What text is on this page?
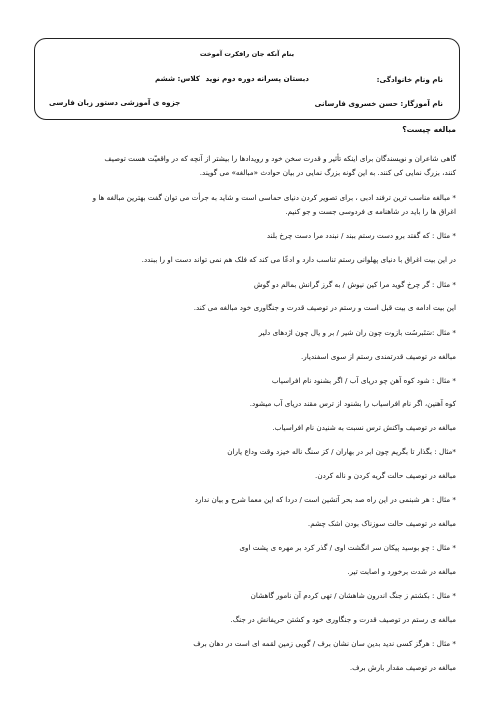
بنام آنکه جان رافکرت آموخت
نام ونام خانوادگی:
دبستان پسرانه دوره دوم نوید
کلاس: ششم
نام آموزگار: حسن خسروی فارسانی
جزوه ی آموزشی دستور زبان فارسی
مبالغه چیست؟
گاهی شاعران و نویسندگان برای اینکه تأثیر و قدرت سخن خود و رویدادها را بیشتر از آنچه که در واقعیّت هست توصیف
کنند، بزرگ نمایی کی کنند. به این گونه بزرگ نمایی در بیان حوادث «مبالغه» می گویند.
* مبالغه مناسب ترین ترفند ادبی ، برای تصویر کردن دنیای حماسی است و شاید به جرأت می توان گفت بهترین مبالغه ها و
اغراق ها را باید در شاهنامه ی فردوسی جست و جو کنیم.
* مثال : که گفتد برو دست رستم ببند / نبندد مرا دست چرخ بلند
در این بیت اغراق با دنیای پهلوانی رستم تناسب دارد و ادعّا می کند که فلک هم نمی تواند دست او را ببندد.
* مثال : گر چرخ گوید مرا کین نیوش / به گرز گرانش بمالم دو گوش
این بیت ادامه ی بیت قبل است و رستم در توصیف قدرت و جنگاوری خود مبالغه می کند.
* مثال :سَتَبرسُت بازوت چون ران شیر / بر و یال چون اژدهای دلیر
مبالغه در توصیف قدرتمندی رستم از سوی اسفندیار.
* مثال : شود کوه آهن چو دریای آب / اگر بشنود نام افراسیاب
کوه آهنین، اگر نام افراسیاب را بشنود از ترس مقند دریای آب میشود.
مبالغه در توصیف واکنش ترس نسبت به شنیدن نام افراسیاب.
*مثال : بگذار تا بگریم چون ابر در بهاران / کز سنگ ناله خیزد وقت وداع یاران
مبالغه در توصیف حالت گریه کردن و ناله کردن.
* مثال : هر شبنمی در این راه صد بحر آتشین است / دردا که این معما شرح و بیان ندارد
مبالغه در توصیف حالت سوزناک بودن اشک چشم.
* مثال : چو بوسید پیکان سر انگشت اوی / گذر کرد بر مهره ی پشت اوی
مبالغه در شدت برخورد و اصابت تیر.
* مثال : بکشتم ز جنگ اندرون شاهشان / تهی کردم آن نامور گاهشان
مبالغه ی رستم در توصیف قدرت و جنگاوری خود و کشتن حریفانش در جنگ.
* مثال : هرگز کسی ندید بدین سان نشان برف / گویی زمین لقمه ای است در دهان برف
مبالغه در توصیف مقدار بارش برف.
